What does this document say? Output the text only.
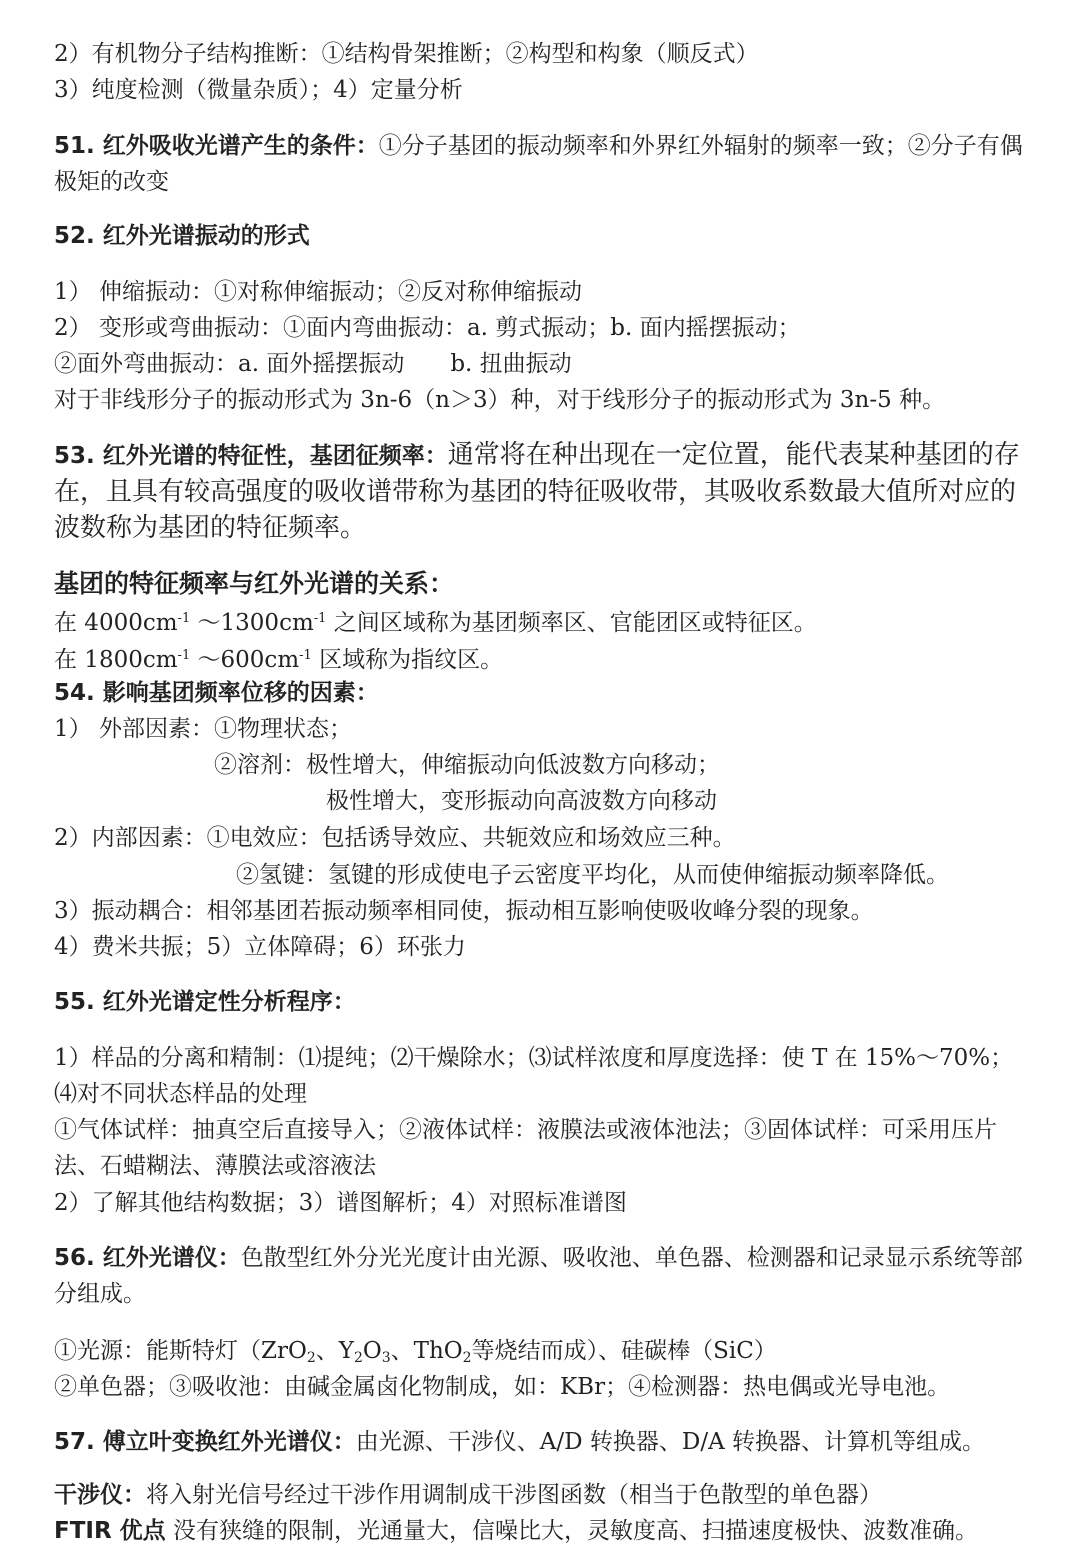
2）有机物分子结构推断：①结构骨架推断；②构型和构象（顺反式）
3）纯度检测（微量杂质）；4）定量分析
51. 红外吸收光谱产生的条件：①分子基团的振动频率和外界红外辐射的频率一致；②分子有偶极矩的改变
52. 红外光谱振动的形式
1） 伸缩振动：①对称伸缩振动；②反对称伸缩振动
2） 变形或弯曲振动：①面内弯曲振动：a. 剪式振动；b. 面内摇摆振动；
②面外弯曲振动：a. 面外摇摆振动　　b. 扭曲振动
对于非线形分子的振动形式为 3n-6（n＞3）种，对于线形分子的振动形式为 3n-5 种。
53. 红外光谱的特征性，基团征频率：通常将在种出现在一定位置，能代表某种基团的存在，且具有较高强度的吸收谱带称为基团的特征吸收带，其吸收系数最大值所对应的波数称为基团的特征频率。
基团的特征频率与红外光谱的关系：
在 $4000cm^{-1}$ $\sim 1300cm^{-1}$ 之间区域称为基团频率区、官能团区或特征区。
在 $1800cm^{-1}$ $\sim 600cm^{-1}$ 区域称为指纹区。
54. 影响基团频率位移的因素：
1） 外部因素：①物理状态；
②溶剂：极性增大，伸缩振动向低波数方向移动；
极性增大，变形振动向高波数方向移动
2）内部因素：①电效应：包括诱导效应、共轭效应和场效应三种。
②氢键：氢键的形成使电子云密度平均化，从而使伸缩振动频率降低。
3）振动耦合：相邻基团若振动频率相同使，振动相互影响使吸收峰分裂的现象。
4）费米共振；5）立体障碍；6）环张力
55. 红外光谱定性分析程序：
1）样品的分离和精制：⑴提纯；⑵干燥除水；⑶试样浓度和厚度选择：使 T 在 15%～70%；⑷对不同状态样品的处理
①气体试样：抽真空后直接导入；②液体试样：液膜法或液体池法；③固体试样：可采用压片法、石蜡糊法、薄膜法或溶液法
2）了解其他结构数据；3）谱图解析；4）对照标准谱图
56. 红外光谱仪：色散型红外分光光度计由光源、吸收池、单色器、检测器和记录显示系统等部分组成。
①光源：能斯特灯（ZrO$_2$、$Y_2O_3$、ThO$_2$等烧结而成）、硅碳棒（SiC）
②单色器；③吸收池：由碱金属卤化物制成，如：KBr；④检测器：热电偶或光导电池。
57. 傅立叶变换红外光谱仪：由光源、干涉仪、A/D 转换器、D/A 转换器、计算机等组成。
干涉仪：将入射光信号经过干涉作用调制成干涉图函数（相当于色散型的单色器）
FTIR 优点 没有狭缝的限制，光通量大，信噪比大，灵敏度高、扫描速度极快、波数准确。
